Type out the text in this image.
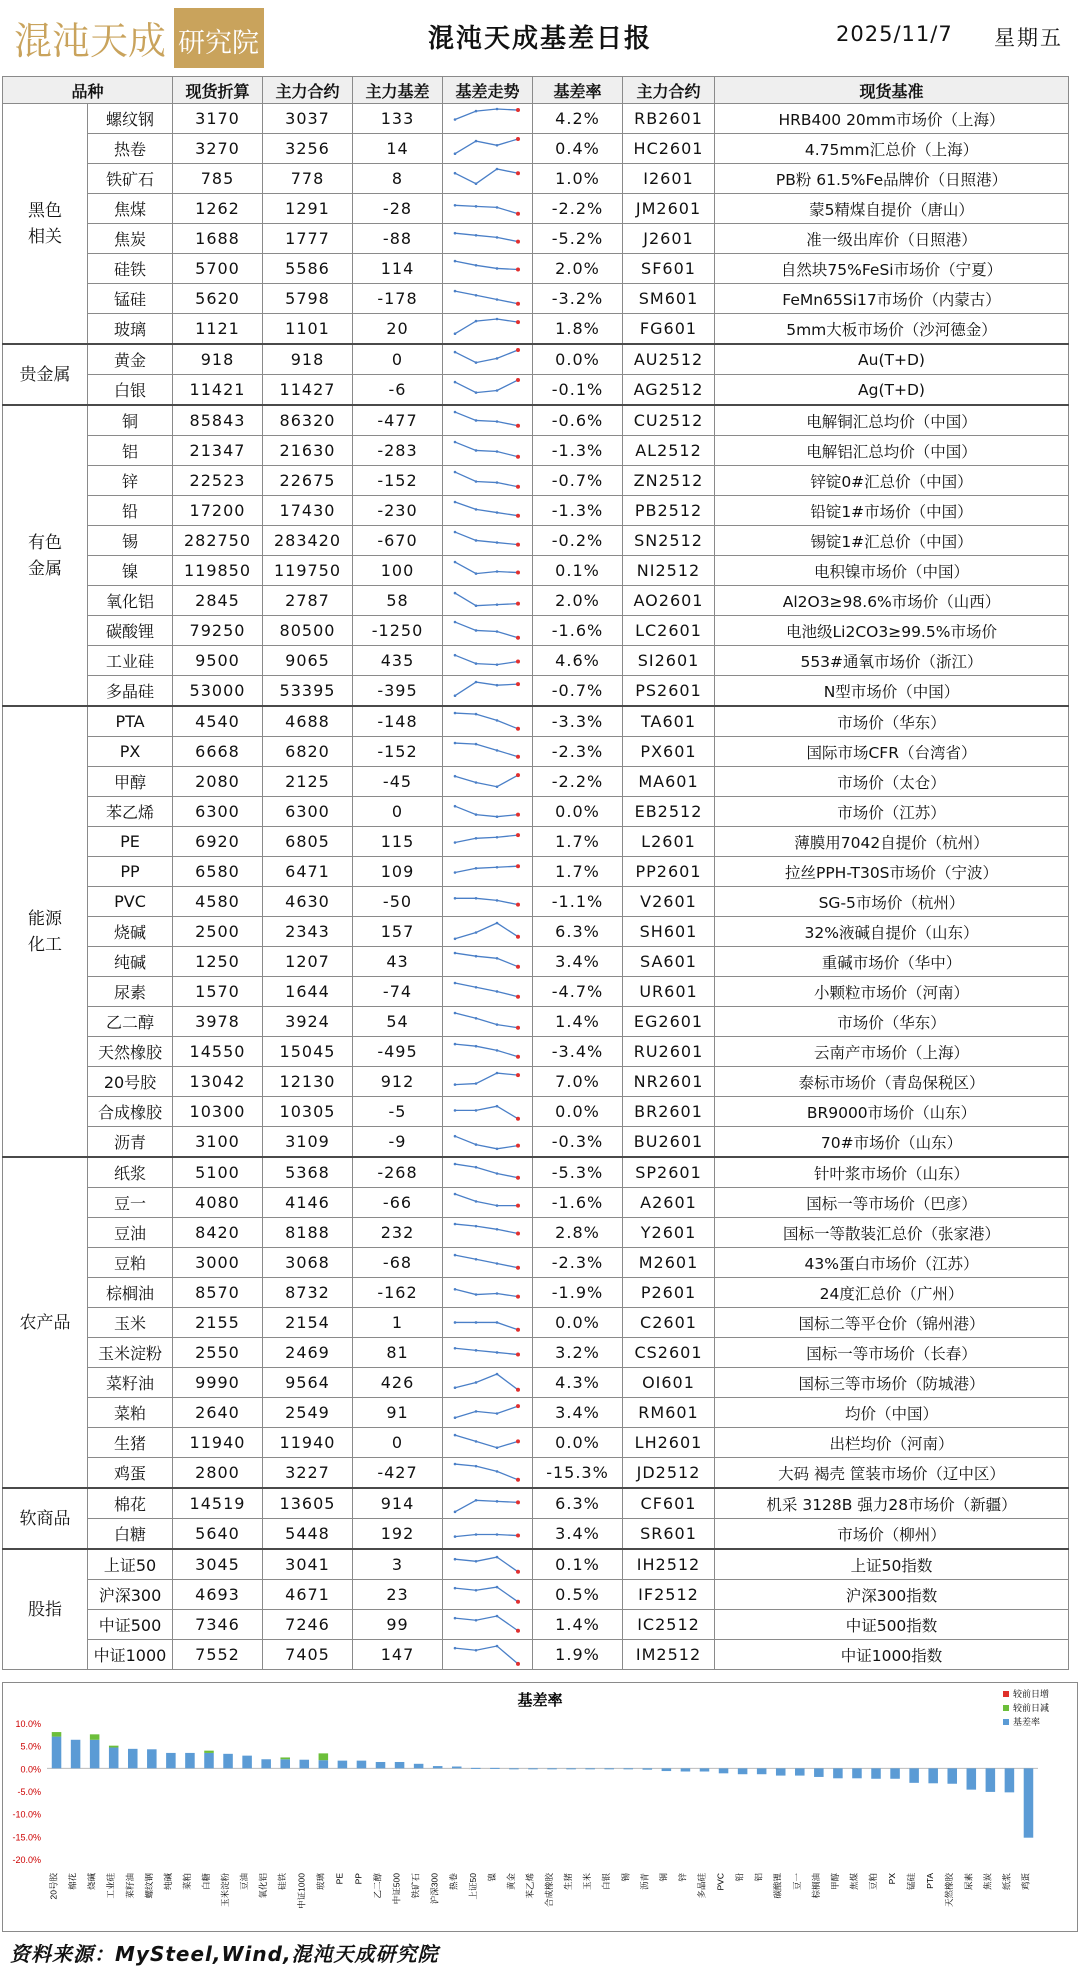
混沌天成 研究院	混沌天成基差日报	2025/11/7 星期五
品种		现货折算	主力合约	主力基差	基差走势	基差率	主力合约	现货基准
黑色
相关	螺纹钢	3170	3037	133		4.2%	RB2601	HRB400 20mm市场价（上海）
	热卷	3270	3256	14		0.4%	HC2601	4.75mm汇总价（上海）
	铁矿石	785	778	8		1.0%	I2601	PB粉 61.5%Fe品牌价（日照港）
	焦煤	1262	1291	-28		-2.2%	JM2601	蒙5精煤自提价（唐山）
	焦炭	1688	1777	-88		-5.2%	J2601	准一级出库价（日照港）
	硅铁	5700	5586	114		2.0%	SF601	自然块75%FeSi市场价（宁夏）
	锰硅	5620	5798	-178		-3.2%	SM601	FeMn65Si17市场价（内蒙古）
	玻璃	1121	1101	20		1.8%	FG601	5mm大板市场价（沙河德金）
贵金属	黄金	918	918	0		0.0%	AU2512	Au(T+D)
	白银	11421	11427	-6		-0.1%	AG2512	Ag(T+D)
有色
金属	铜	85843	86320	-477		-0.6%	CU2512	电解铜汇总均价（中国）
	铝	21347	21630	-283		-1.3%	AL2512	电解铝汇总均价（中国）
	锌	22523	22675	-152		-0.7%	ZN2512	锌锭0#汇总价（中国）
	铅	17200	17430	-230		-1.3%	PB2512	铅锭1#市场价（中国）
	锡	282750	283420	-670		-0.2%	SN2512	锡锭1#汇总价（中国）
	镍	119850	119750	100		0.1%	NI2512	电积镍市场价（中国）
	氧化铝	2845	2787	58		2.0%	AO2601	Al2O3≥98.6%市场价（山西）
	碳酸锂	79250	80500	-1250		-1.6%	LC2601	电池级Li2CO3≥99.5%市场价
	工业硅	9500	9065	435		4.6%	SI2601	553#通氧市场价（浙江）
	多晶硅	53000	53395	-395		-0.7%	PS2601	N型市场价（中国）
能源
化工	PTA	4540	4688	-148		-3.3%	TA601	市场价（华东）
	PX	6668	6820	-152		-2.3%	PX601	国际市场CFR（台湾省）
	甲醇	2080	2125	-45		-2.2%	MA601	市场价（太仓）
	苯乙烯	6300	6300	0		0.0%	EB2512	市场价（江苏）
	PE	6920	6805	115		1.7%	L2601	薄膜用7042自提价（杭州）
	PP	6580	6471	109		1.7%	PP2601	拉丝PPH-T30S市场价（宁波）
	PVC	4580	4630	-50		-1.1%	V2601	SG-5市场价（杭州）
	烧碱	2500	2343	157		6.3%	SH601	32%液碱自提价（山东）
	纯碱	1250	1207	43		3.4%	SA601	重碱市场价（华中）
	尿素	1570	1644	-74		-4.7%	UR601	小颗粒市场价（河南）
	乙二醇	3978	3924	54		1.4%	EG2601	市场价（华东）
	天然橡胶	14550	15045	-495		-3.4%	RU2601	云南产市场价（上海）
	20号胶	13042	12130	912		7.0%	NR2601	泰标市场价（青岛保税区）
	合成橡胶	10300	10305	-5		0.0%	BR2601	BR9000市场价（山东）
	沥青	3100	3109	-9		-0.3%	BU2601	70#市场价（山东）
农产品	纸浆	5100	5368	-268		-5.3%	SP2601	针叶浆市场价（山东）
	豆一	4080	4146	-66		-1.6%	A2601	国标一等市场价（巴彦）
	豆油	8420	8188	232		2.8%	Y2601	国标一等散装汇总价（张家港）
	豆粕	3000	3068	-68		-2.3%	M2601	43%蛋白市场价（江苏）
	棕榈油	8570	8732	-162		-1.9%	P2601	24度汇总价（广州）
	玉米	2155	2154	1		0.0%	C2601	国标二等平仓价（锦州港）
	玉米淀粉	2550	2469	81		3.2%	CS2601	国标一等市场价（长春）
	菜籽油	9990	9564	426		4.3%	OI601	国标三等市场价（防城港）
	菜粕	2640	2549	91		3.4%	RM601	均价（中国）
	生猪	11940	11940	0		0.0%	LH2601	出栏均价（河南）
	鸡蛋	2800	3227	-427		-15.3%	JD2512	大码 褐壳 筐装市场价（辽中区）
软商品	棉花	14519	13605	914		6.3%	CF601	机采 3128B 强力28市场价（新疆）
	白糖	5640	5448	192		3.4%	SR601	市场价（柳州）
股指	上证50	3045	3041	3		0.1%	IH2512	上证50指数
	沪深300	4693	4671	23		0.5%	IF2512	沪深300指数
	中证500	7346	7246	99		1.4%	IC2512	中证500指数
	中证1000	7552	7405	147		1.9%	IM2512	中证1000指数
基差率
10.0%
5.0%
0.0%
-5.0%
-10.0%
-15.0%
-20.0%
20号胶 棉花 烧碱 工业硅 菜籽油 螺纹钢 纯碱 菜粕 白糖 玉米淀粉 豆油 氧化铝 硅铁 中证1000 玻璃 PE PP 乙二醇 中证500 铁矿石 沪深300 热卷 上证50 镍 黄金 苯乙烯 合成橡胶 生猪 玉米 白银 锡 沥青 铜 锌 多晶硅 PVC 铅 铝 碳酸锂 豆一 棕榈油 甲醇 焦煤 豆粕 PX 锰硅 PTA 天然橡胶 尿素 焦炭 纸浆 鸡蛋
较前日增
较前日减
基差率
资料来源：MySteel,Wind,混沌天成研究院
